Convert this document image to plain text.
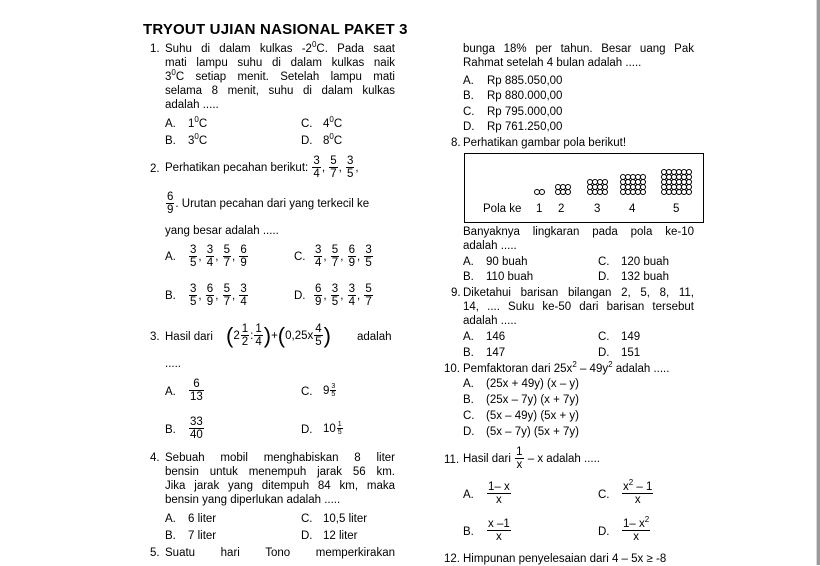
TRYOUT UJIAN NASIONAL PAKET 3
1. Suhu di dalam kulkas $-2^0C$. Pada saat
mati lampu suhu di dalam kulkas naik
$3^0C$ setiap menit. Setelah lampu mati
selama 8 menit, suhu di dalam kulkas
adalah .....
A. $1^0C$	C. $4^0C$
B. $3^0C$	D. $8^0C$
2. Perhatikan pecahan berikut: $\frac{3}{4}$ , $\frac{5}{7}$ , $\frac{3}{5}$ ,
$\frac{6}{9}$ . Urutan pecahan dari yang terkecil ke
yang besar adalah .....
A. $\frac{3}{5}$ , $\frac{3}{4}$ , $\frac{5}{7}$ , $\frac{6}{9}$	C. $\frac{3}{4}$ , $\frac{5}{7}$ , $\frac{6}{9}$ , $\frac{3}{5}$
B. $\frac{3}{5}$ , $\frac{6}{9}$ , $\frac{5}{7}$ , $\frac{3}{4}$	D. $\frac{6}{9}$ , $\frac{3}{5}$ , $\frac{3}{4}$ , $\frac{5}{7}$
3. Hasil dari ($2 \frac{1}{2}$ : $\frac{1}{4} )+(0,25x \frac{4}{5}$ ) adalah
.....
A. $\frac{6}{13}$	C. $9 \frac{3}{5}$
B. $\frac{33}{40}$	D. $10 \frac{1}{5}$
4. Sebuah mobil menghabiskan 8 liter
bensin untuk menempuh jarak 56 km.
Jika jarak yang ditempuh 84 km, maka
bensin yang diperlukan adalah .....
A. 6 liter	C. 10,5 liter
B. 7 liter	D. 12 liter
5. Suatu hari Tono memperkirakan
bunga 18% per tahun. Besar uang Pak
Rahmat setelah 4 bulan adalah .....
A. Rp 885.050,00
B. Rp 880.000,00
C. Rp 795.000,00
D. Rp 761.250,00
8. Perhatikan gambar pola berikut!
Pola ke 1 2	3 4	5
Banyaknya lingkaran pada pola ke-10
adalah .....
A. 90 buah	C. 120 buah
B. 110 buah	D. 132 buah
9. Diketahui barisan bilangan 2, 5, 8, 11,
14, .... Suku ke-50 dari barisan tersebut
adalah .....
A. 146	C. 149
B. 147	D. 151
10. Pemfaktoran dari $25x^2 - 49y^2$ adalah .....
A. (25x + 49y) (x – y)
B. (25x – 7y) (x + 7y)
C. (5x – 49y) (5x + y)
D. (5x – 7y) (5x + 7y)
11. Hasil dari $\frac{1}{x}$ – x adalah .....
A. $\frac{1- x}{x}$	C. $\frac{x^2 - 1}{x}$
B. $\frac{x -1}{x}$	D. $\frac{1- x^2}{x}$
12. Himpunan penyelesaian dari 4 – 5x ≥ -8
